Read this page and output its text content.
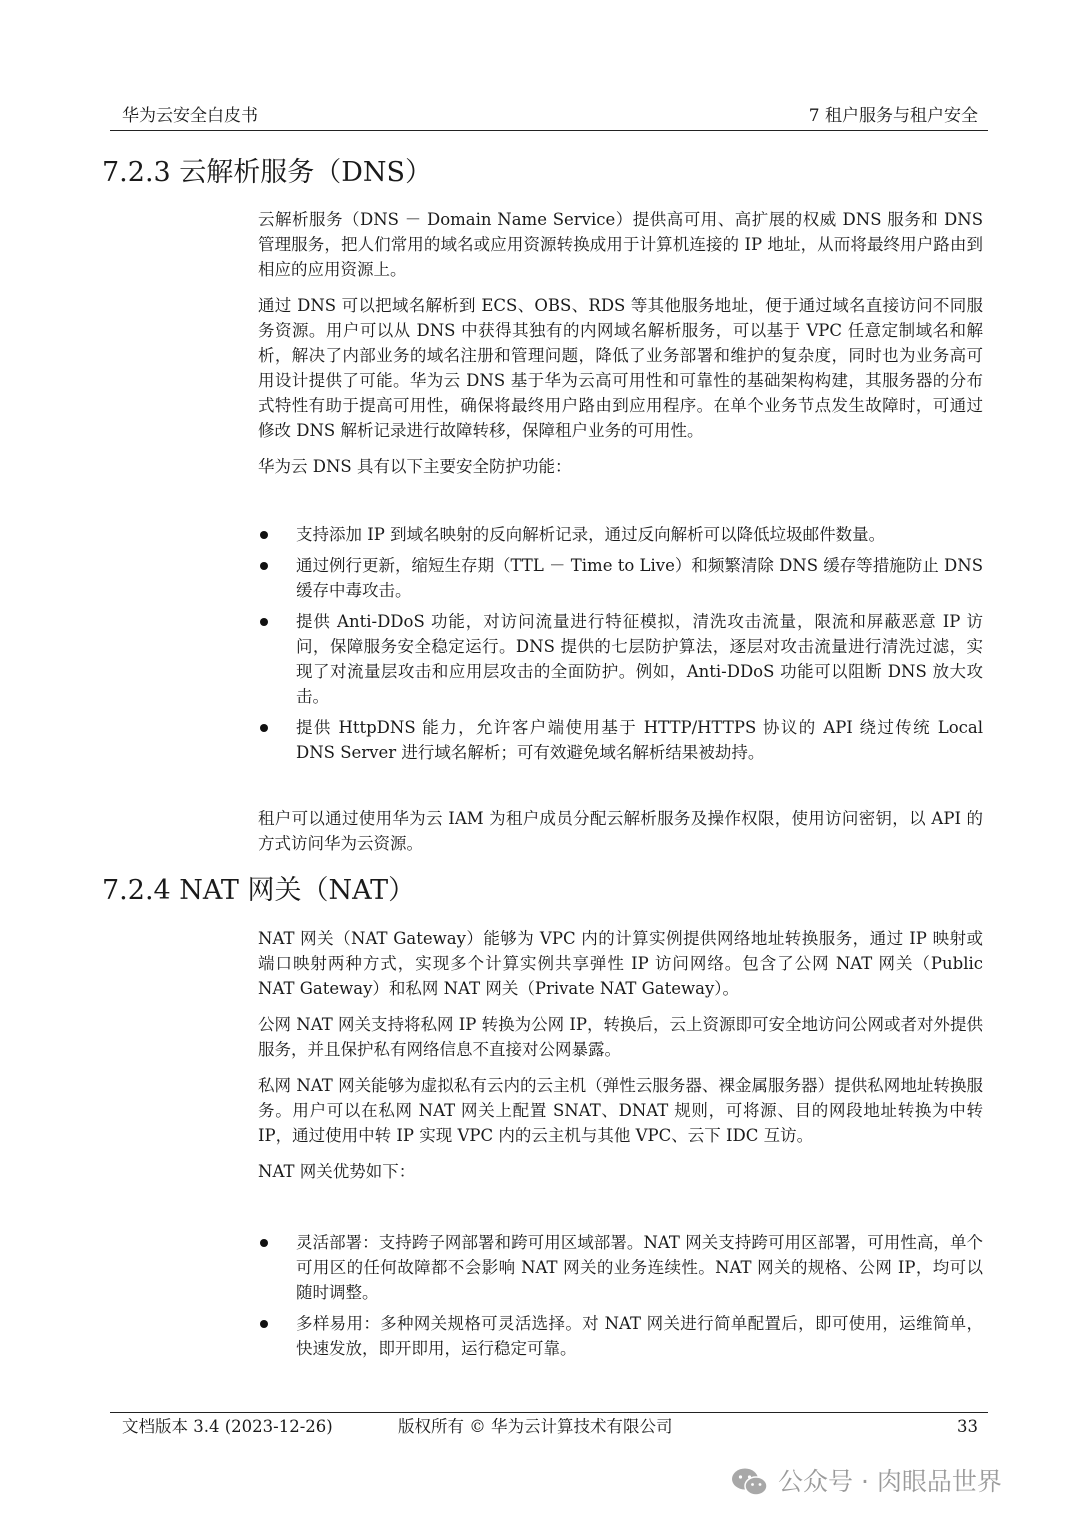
华为云安全白皮书	7 租户服务与租户安全
7.2.3 云解析服务（DNS）

云解析服务（DNS － Domain Name Service）提供高可用、高扩展的权威 DNS 服务和 DNS 管理服务，把人们常用的域名或应用资源转换成用于计算机连接的 IP 地址，从而将最终用户路由到相应的应用资源上。

通过 DNS 可以把域名解析到 ECS、OBS、RDS 等其他服务地址，便于通过域名直接访问不同服务资源。用户可以从 DNS 中获得其独有的内网域名解析服务，可以基于 VPC 任意定制域名和解析，解决了内部业务的域名注册和管理问题，降低了业务部署和维护的复杂度，同时也为业务高可用设计提供了可能。华为云 DNS 基于华为云高可用性和可靠性的基础架构构建，其服务器的分布式特性有助于提高可用性，确保将最终用户路由到应用程序。在单个业务节点发生故障时，可通过修改 DNS 解析记录进行故障转移，保障租户业务的可用性。

华为云 DNS 具有以下主要安全防护功能：

支持添加 IP 到域名映射的反向解析记录，通过反向解析可以降低垃圾邮件数量。
通过例行更新，缩短生存期（TTL － Time to Live）和频繁清除 DNS 缓存等措施防止 DNS 缓存中毒攻击。
提供 Anti-DDoS 功能，对访问流量进行特征模拟，清洗攻击流量，限流和屏蔽恶意 IP 访问，保障服务安全稳定运行。DNS 提供的七层防护算法，逐层对攻击流量进行清洗过滤，实现了对流量层攻击和应用层攻击的全面防护。例如，Anti-DDoS 功能可以阻断 DNS 放大攻击。
提供 HttpDNS 能力，允许客户端使用基于 HTTP/HTTPS 协议的 API 绕过传统 Local DNS Server 进行域名解析；可有效避免域名解析结果被劫持。

租户可以通过使用华为云 IAM 为租户成员分配云解析服务及操作权限，使用访问密钥，以 API 的方式访问华为云资源。

7.2.4 NAT 网关（NAT）

NAT 网关（NAT Gateway）能够为 VPC 内的计算实例提供网络地址转换服务，通过 IP 映射或端口映射两种方式，实现多个计算实例共享弹性 IP 访问网络。包含了公网 NAT 网关（Public NAT Gateway）和私网 NAT 网关（Private NAT Gateway）。

公网 NAT 网关支持将私网 IP 转换为公网 IP，转换后，云上资源即可安全地访问公网或者对外提供服务，并且保护私有网络信息不直接对公网暴露。

私网 NAT 网关能够为虚拟私有云内的云主机（弹性云服务器、裸金属服务器）提供私网地址转换服务。用户可以在私网 NAT 网关上配置 SNAT、DNAT 规则，可将源、目的网段地址转换为中转 IP，通过使用中转 IP 实现 VPC 内的云主机与其他 VPC、云下 IDC 互访。

NAT 网关优势如下：

灵活部署：支持跨子网部署和跨可用区域部署。NAT 网关支持跨可用区部署，可用性高，单个可用区的任何故障都不会影响 NAT 网关的业务连续性。NAT 网关的规格、公网 IP，均可以随时调整。
多样易用：多种网关规格可灵活选择。对 NAT 网关进行简单配置后，即可使用，运维简单，快速发放，即开即用，运行稳定可靠。
文档版本 3.4 (2023-12-26)	版权所有 © 华为云计算技术有限公司	33
公众号 · 肉眼品世界
